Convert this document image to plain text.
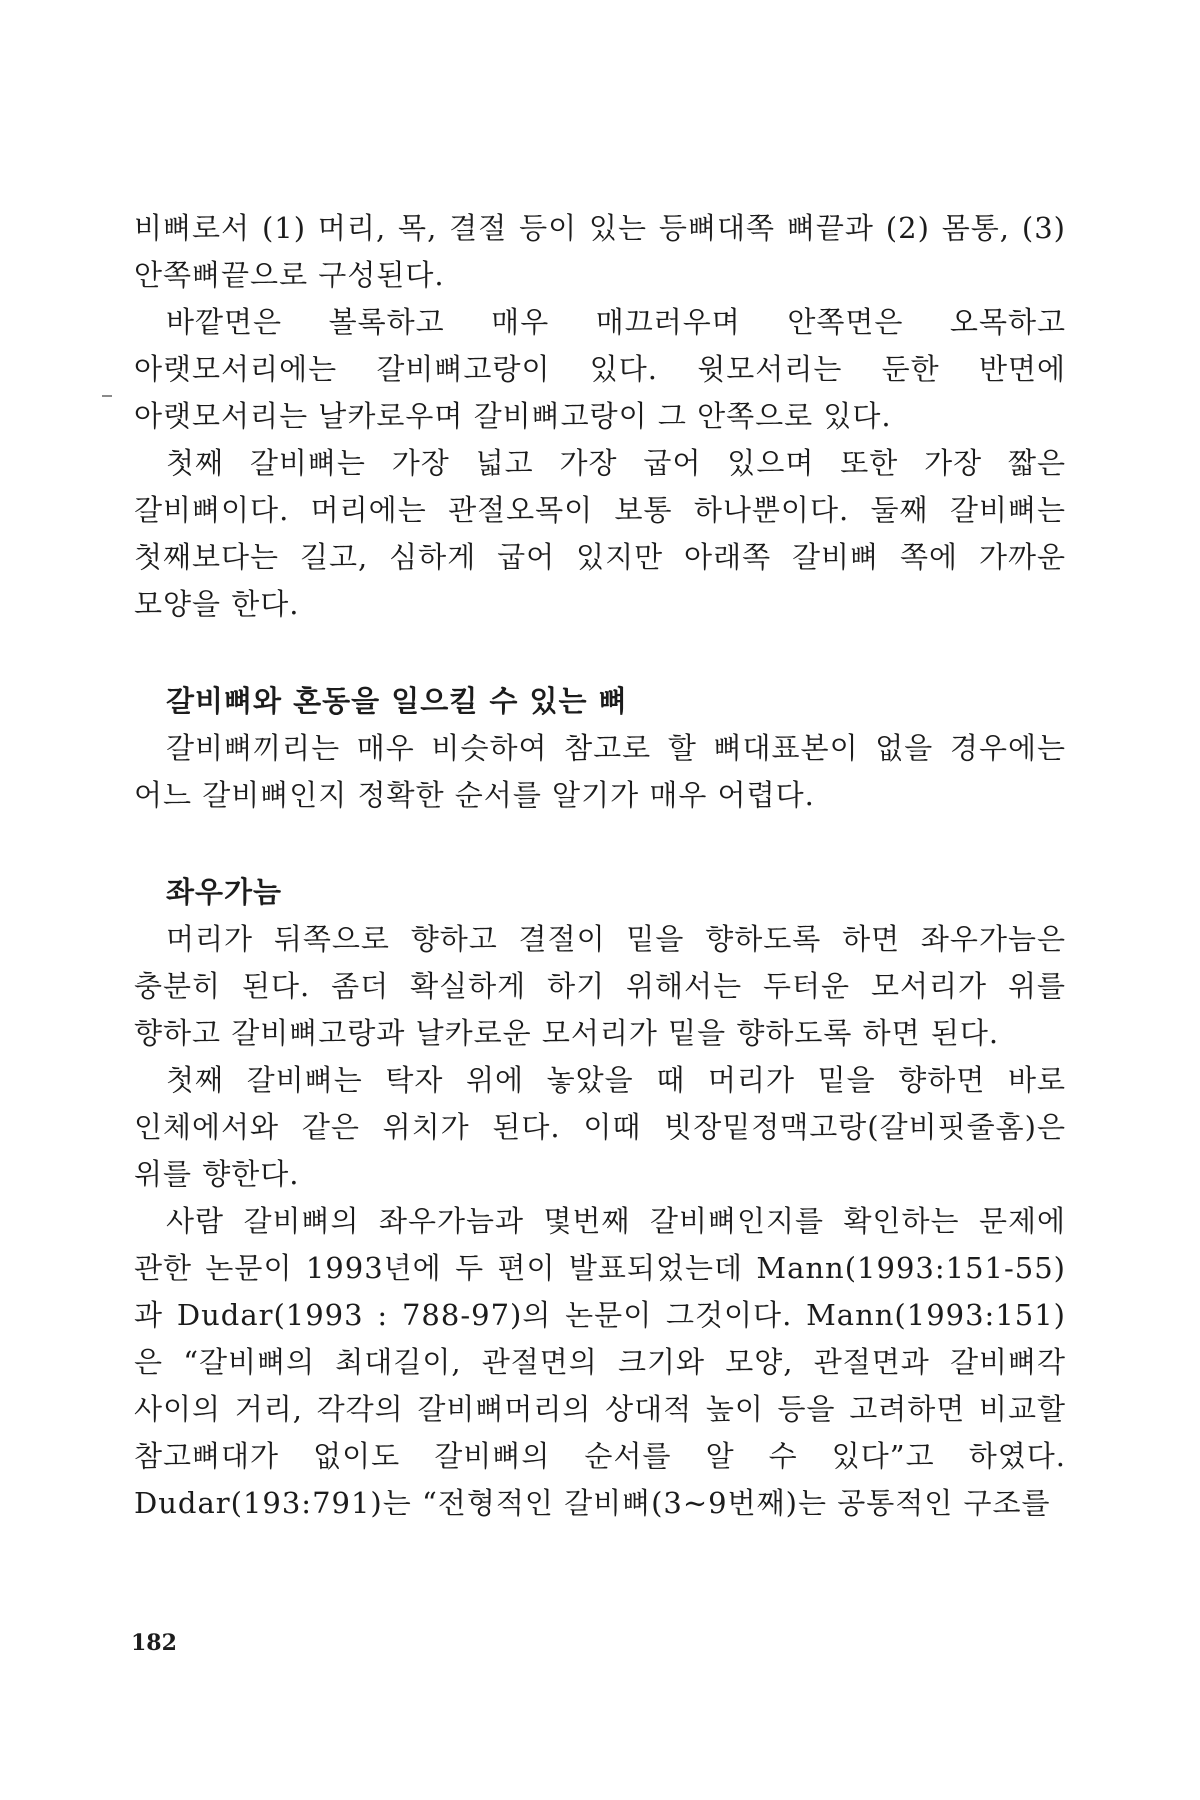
비뼈로서 (1) 머리, 목, 결절 등이 있는 등뼈대쪽 뼈끝과 (2) 몸통, (3) 안쪽뼈끝으로 구성된다.

바깥면은 볼록하고 매우 매끄러우며 안쪽면은 오목하고 아랫모서리에는 갈비뼈고랑이 있다. 윗모서리는 둔한 반면에 아랫모서리는 날카로우며 갈비뼈고랑이 그 안쪽으로 있다.

첫째 갈비뼈는 가장 넓고 가장 굽어 있으며 또한 가장 짧은 갈비뼈이다. 머리에는 관절오목이 보통 하나뿐이다. 둘째 갈비뼈는 첫째보다는 길고, 심하게 굽어 있지만 아래쪽 갈비뼈 쪽에 가까운 모양을 한다.

갈비뼈와 혼동을 일으킬 수 있는 뼈

갈비뼈끼리는 매우 비슷하여 참고로 할 뼈대표본이 없을 경우에는 어느 갈비뼈인지 정확한 순서를 알기가 매우 어렵다.

좌우가늠

머리가 뒤쪽으로 향하고 결절이 밑을 향하도록 하면 좌우가늠은 충분히 된다. 좀더 확실하게 하기 위해서는 두터운 모서리가 위를 향하고 갈비뼈고랑과 날카로운 모서리가 밑을 향하도록 하면 된다.

첫째 갈비뼈는 탁자 위에 놓았을 때 머리가 밑을 향하면 바로 인체에서와 같은 위치가 된다. 이때 빗장밑정맥고랑(갈비핏줄홈)은 위를 향한다.

사람 갈비뼈의 좌우가늠과 몇번째 갈비뼈인지를 확인하는 문제에 관한 논문이 1993년에 두 편이 발표되었는데 Mann(1993:151-55)과 Dudar(1993 : 788-97)의 논문이 그것이다. Mann(1993:151)은 “갈비뼈의 최대길이, 관절면의 크기와 모양, 관절면과 갈비뼈각 사이의 거리, 각각의 갈비뼈머리의 상대적 높이 등을 고려하면 비교할 참고뼈대가 없이도 갈비뼈의 순서를 알 수 있다”고 하였다. Dudar(193:791)는 “전형적인 갈비뼈(3∼9번째)는 공통적인 구조를

182
